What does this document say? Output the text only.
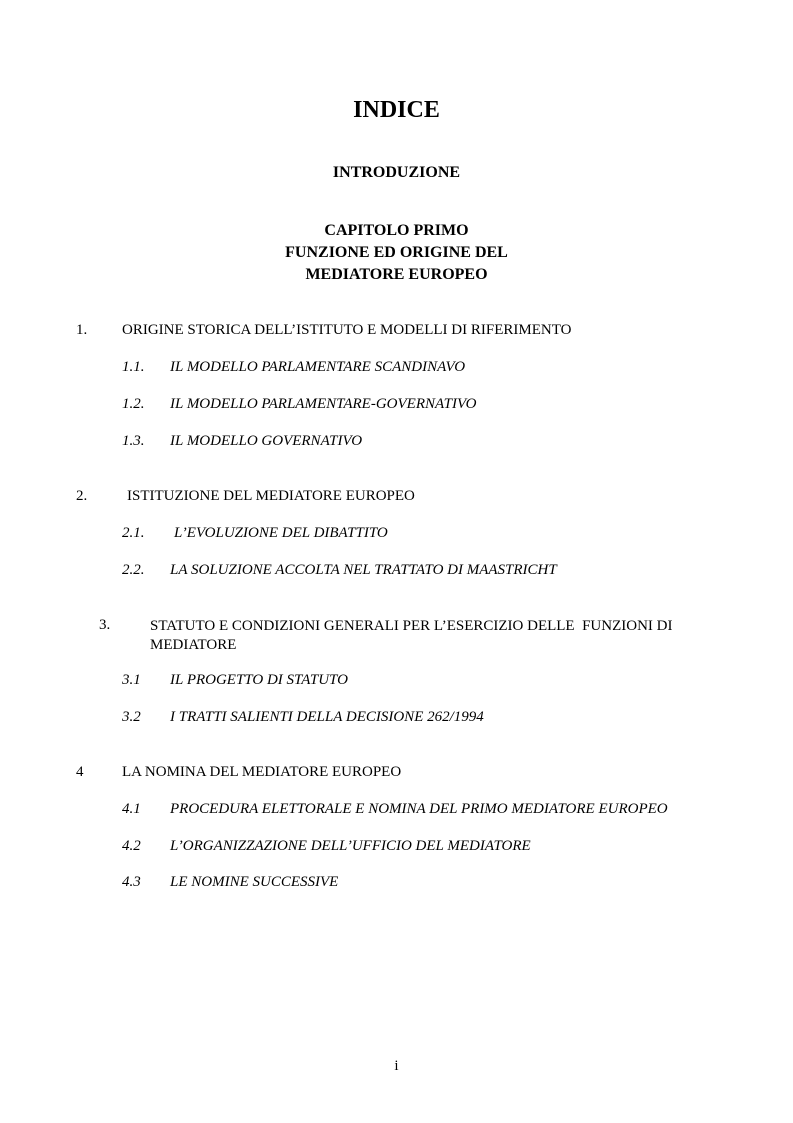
INDICE
INTRODUZIONE
CAPITOLO PRIMO
FUNZIONE ED ORIGINE DEL
MEDIATORE EUROPEO
1. ORIGINE STORICA DELL’ISTITUTO E MODELLI DI RIFERIMENTO
1.1. IL MODELLO PARLAMENTARE SCANDINAVO
1.2. IL MODELLO PARLAMENTARE-GOVERNATIVO
1.3. IL MODELLO GOVERNATIVO
2.	ISTITUZIONE DEL MEDIATORE EUROPEO
2.1. L’EVOLUZIONE DEL DIBATTITO
2.2. LA SOLUZIONE ACCOLTA NEL TRATTATO DI MAASTRICHT
3.	STATUTO E CONDIZIONI GENERALI PER L’ESERCIZIO DELLE  FUNZIONI DI MEDIATORE
3.1 IL PROGETTO DI STATUTO
3.2 I TRATTI SALIENTI DELLA DECISIONE 262/1994
4	LA NOMINA DEL MEDIATORE EUROPEO
4.1 PROCEDURA ELETTORALE E NOMINA DEL PRIMO MEDIATORE EUROPEO
4.2 L’ORGANIZZAZIONE DELL’UFFICIO DEL MEDIATORE
4.3 LE NOMINE SUCCESSIVE
i
